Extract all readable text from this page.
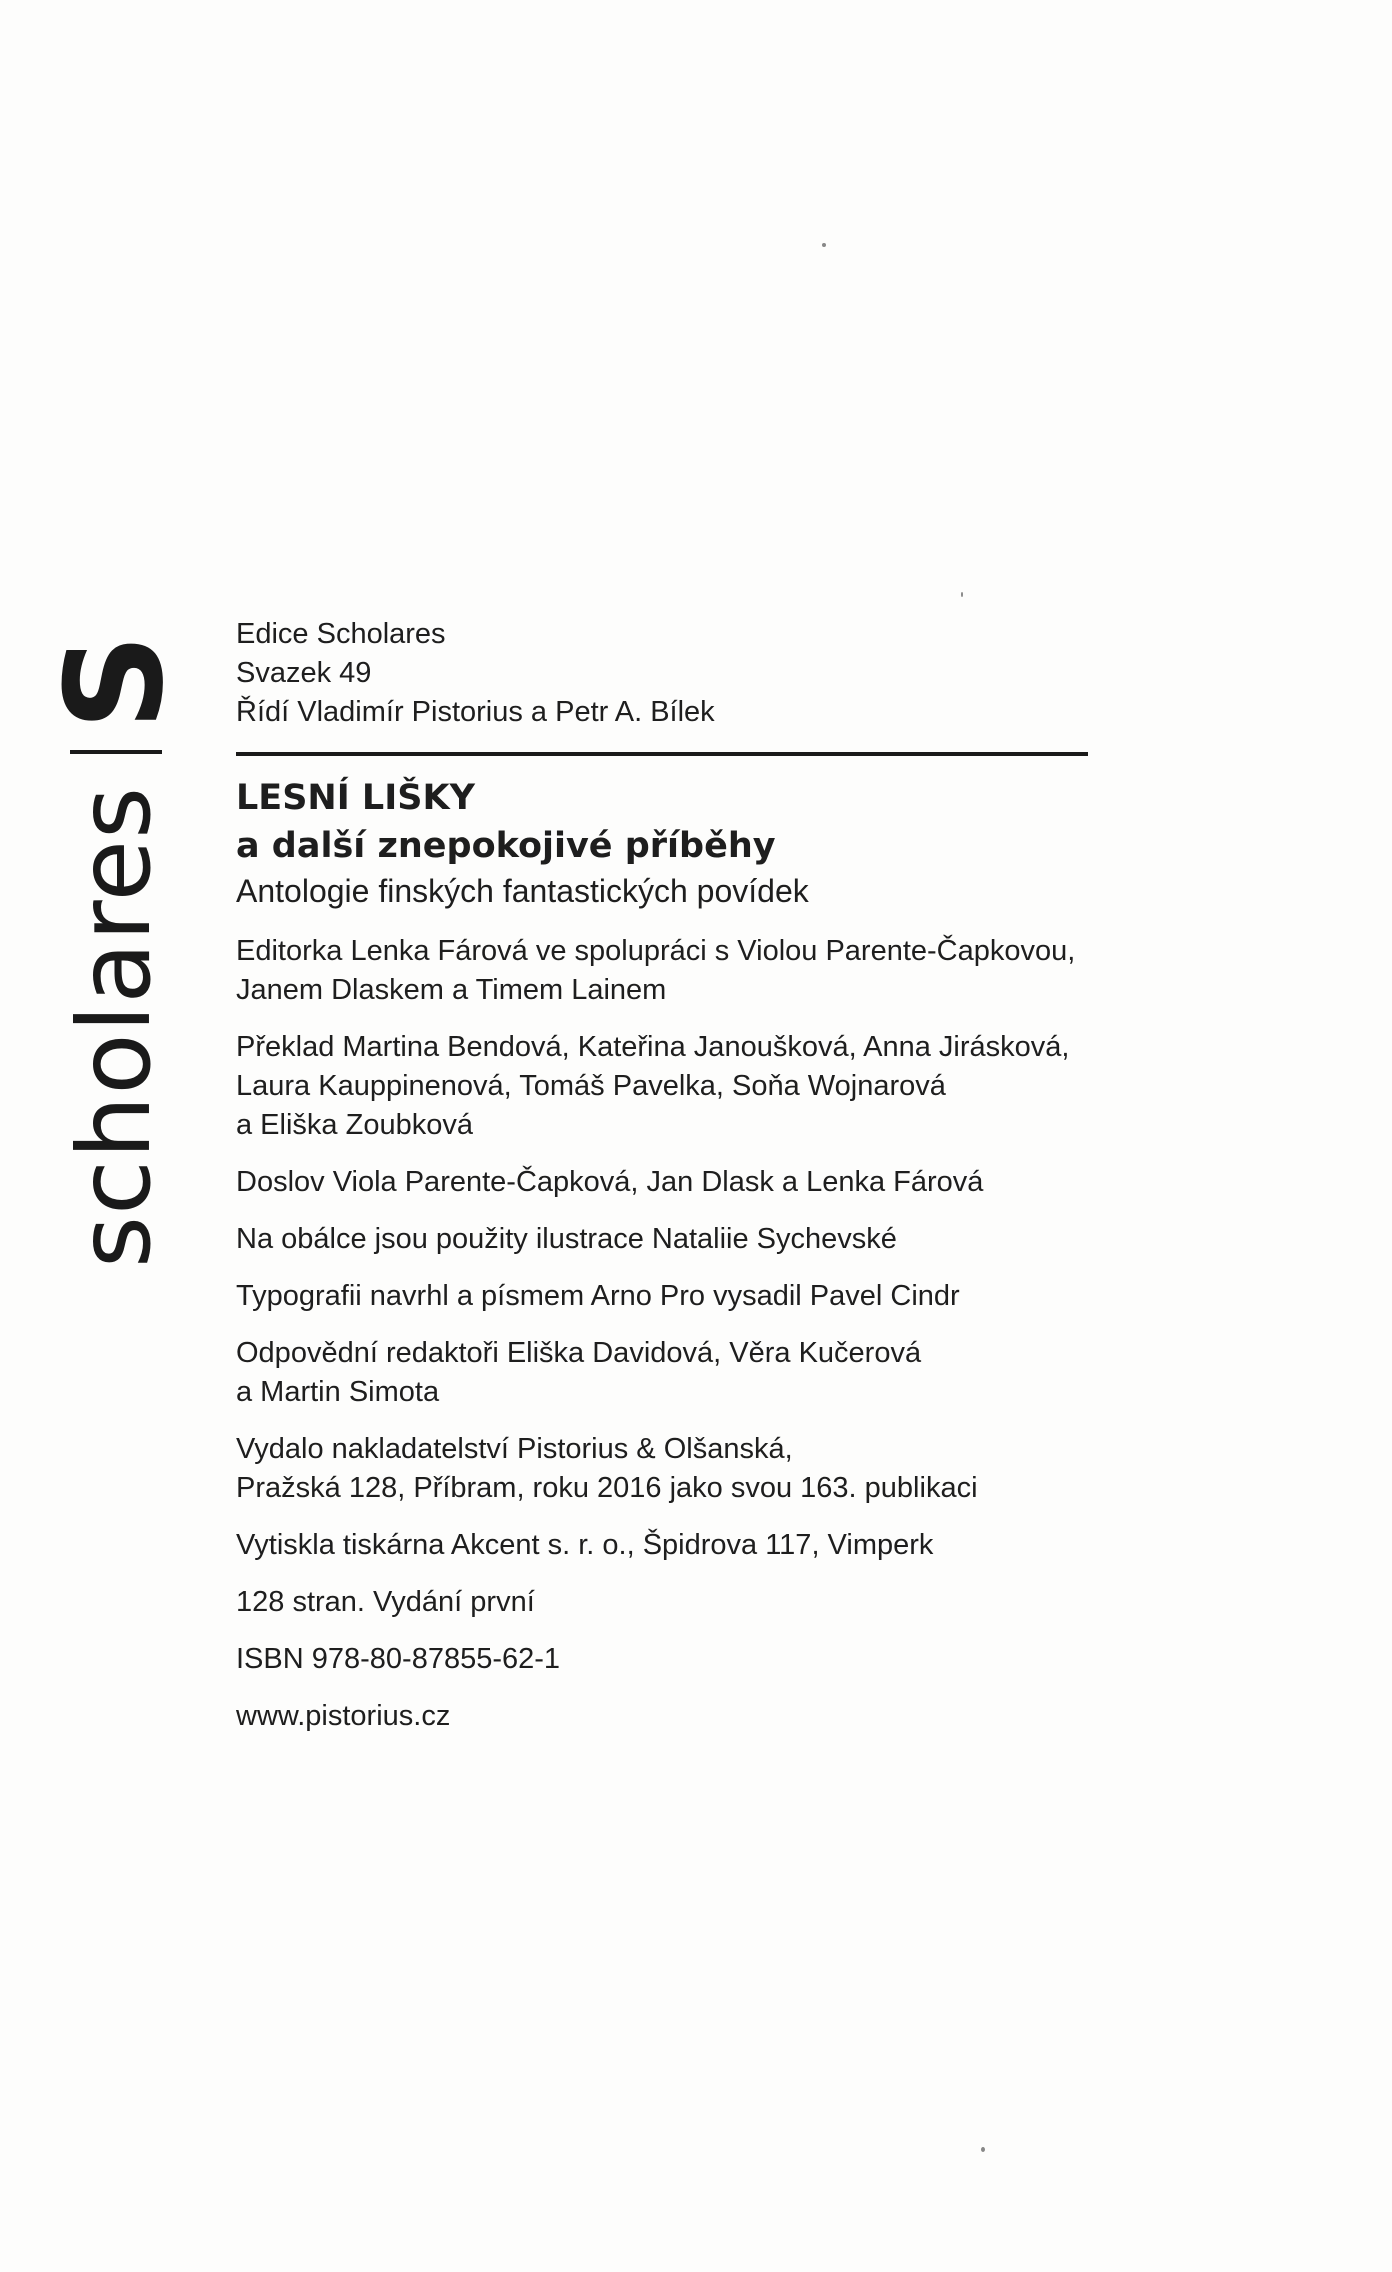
S
scholares

Edice Scholares

Svazek 49

Řídí Vladimír Pistorius a Petr A. Bílek

LESNÍ LIŠKY

a další znepokojivé příběhy

Antologie finských fantastických povídek

Editorka Lenka Fárová ve spolupráci s Violou Parente-Čapkovou,
Janem Dlaskem a Timem Lainem

Překlad Martina Bendová, Kateřina Janoušková, Anna Jirásková,
Laura Kauppinenová, Tomáš Pavelka, Soňa Wojnarová
a Eliška Zoubková

Doslov Viola Parente-Čapková, Jan Dlask a Lenka Fárová

Na obálce jsou použity ilustrace Nataliie Sychevské

Typografii navrhl a písmem Arno Pro vysadil Pavel Cindr

Odpovědní redaktoři Eliška Davidová, Věra Kučerová
a Martin Simota

Vydalo nakladatelství Pistorius & Olšanská,
Pražská 128, Příbram, roku 2016 jako svou 163. publikaci

Vytiskla tiskárna Akcent s. r. o., Špidrova 117, Vimperk

128 stran. Vydání první

ISBN 978-80-87855-62-1

www.pistorius.cz
